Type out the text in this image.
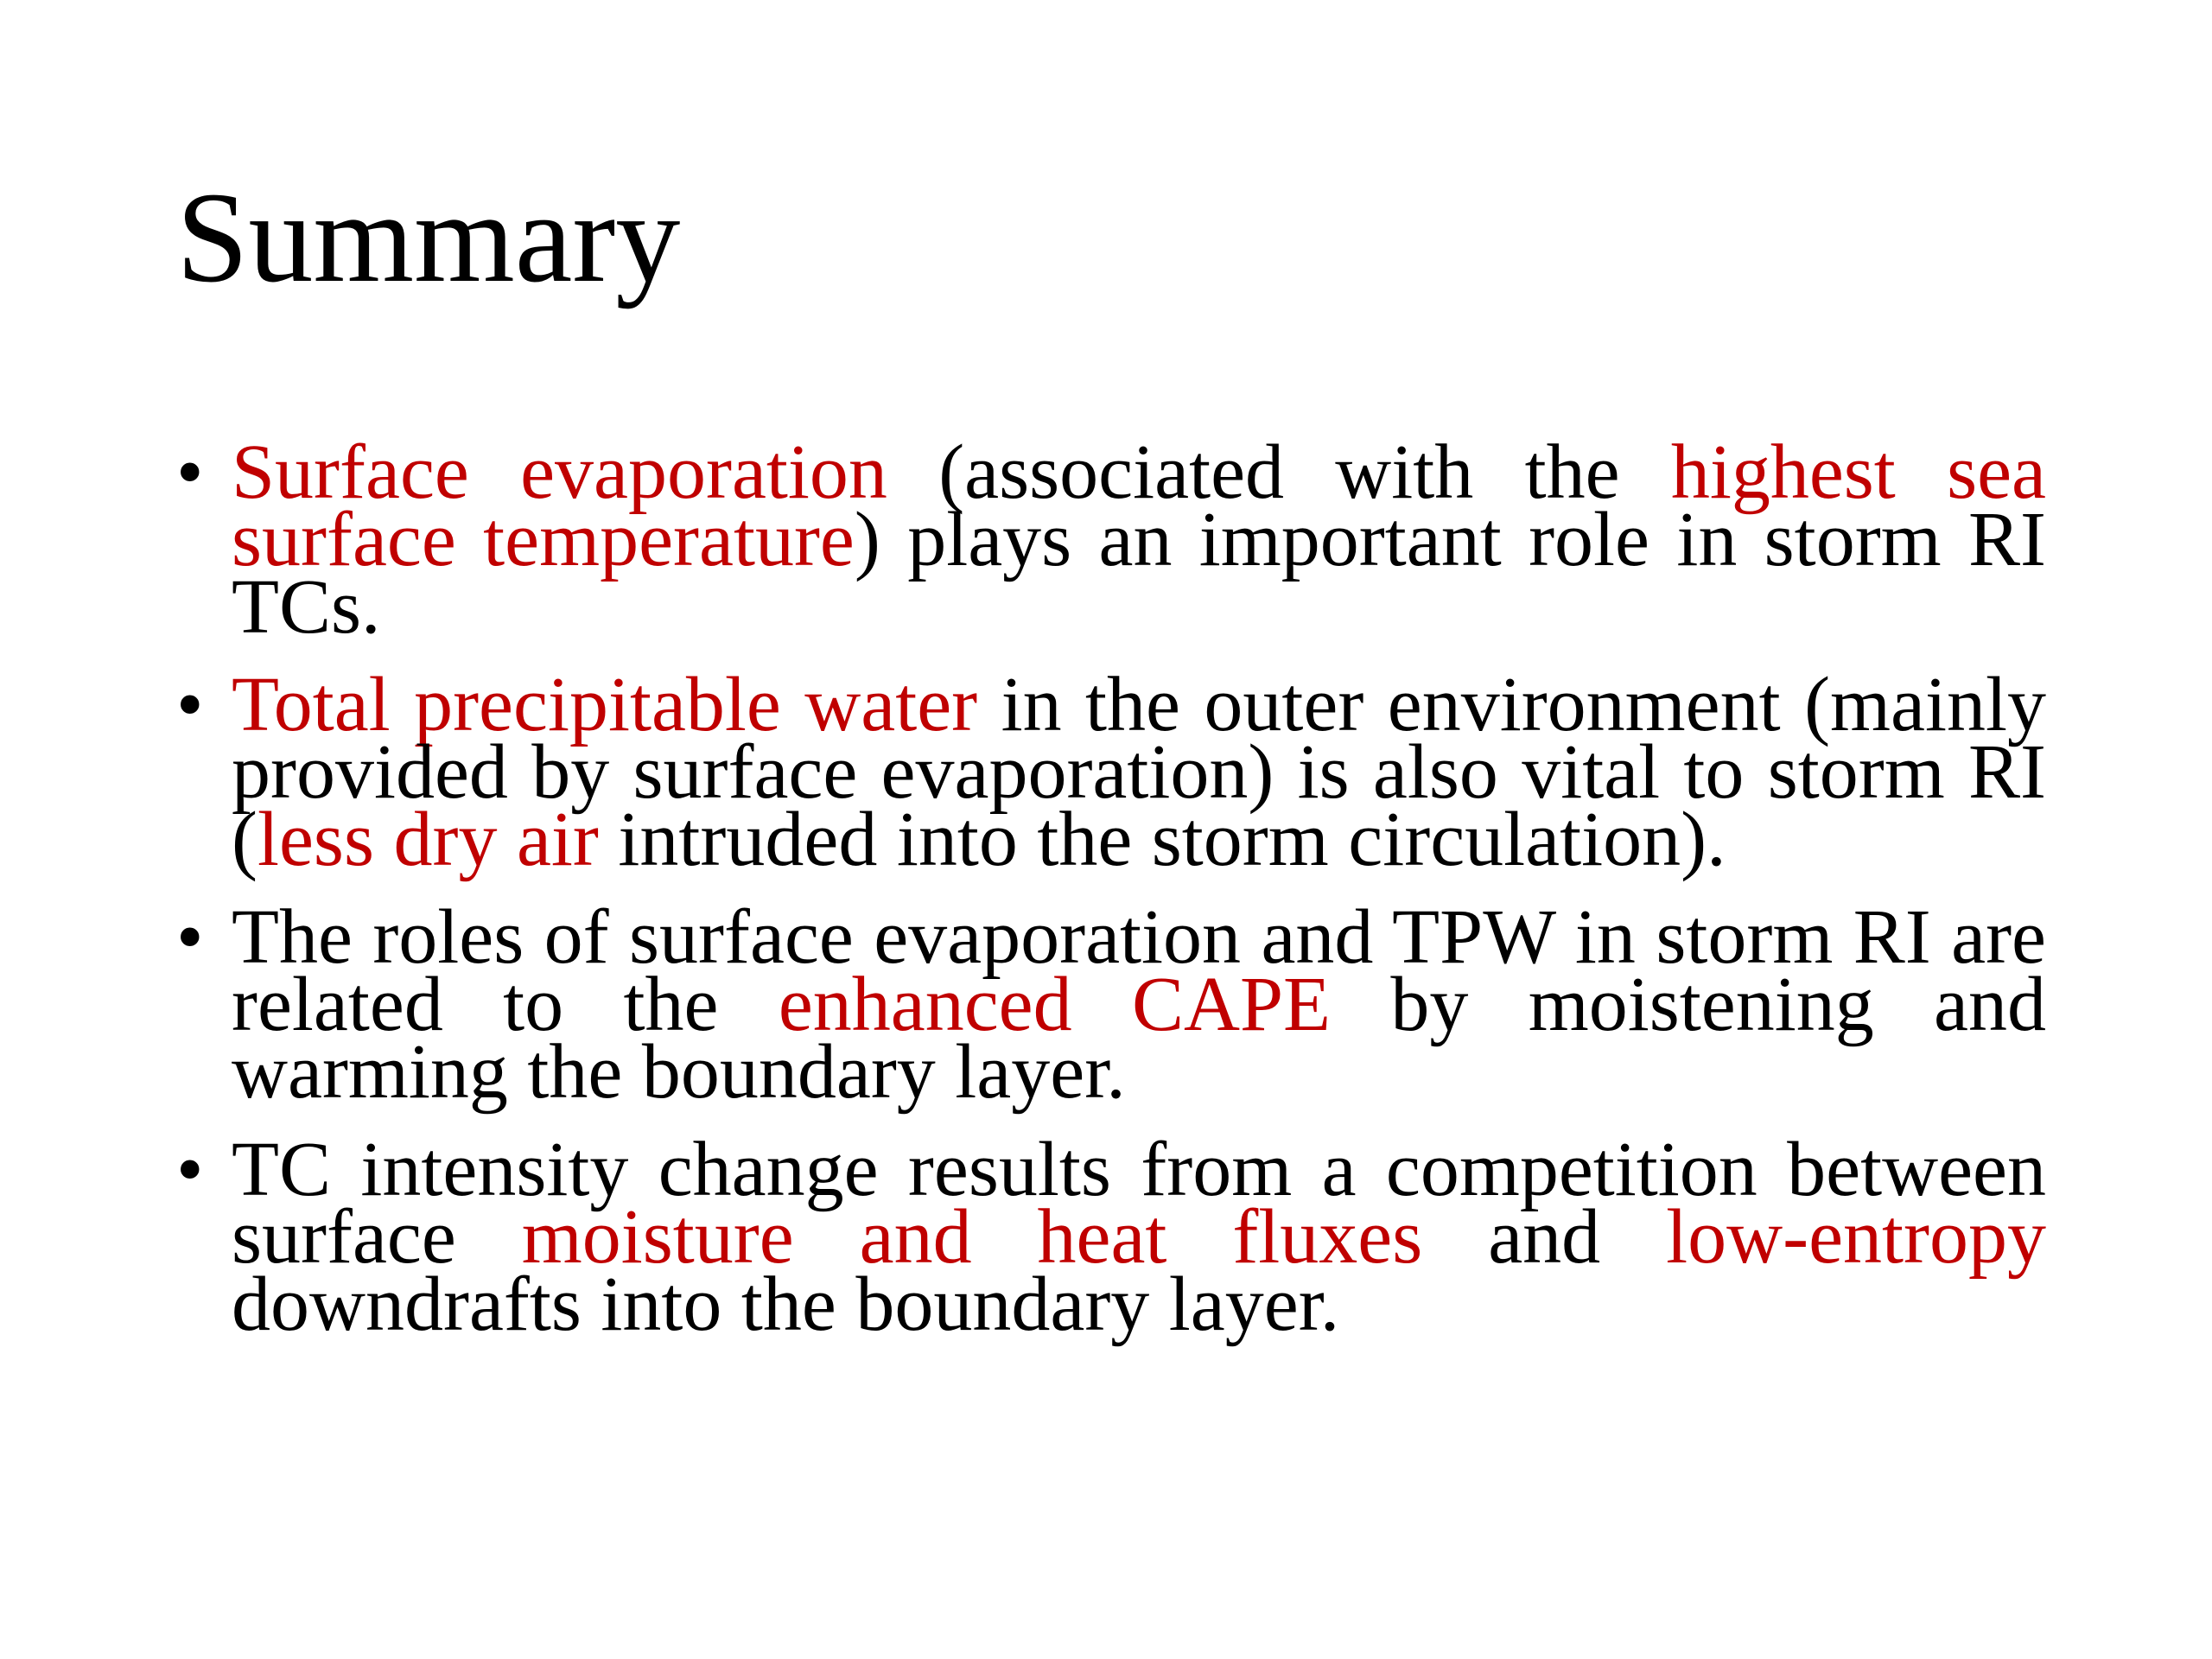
Summary
• Surface evaporation (associated with the highest sea surface temperature) plays an important role in storm RI TCs.
• Total precipitable water in the outer environment (mainly provided by surface evaporation) is also vital to storm RI (less dry air intruded into the storm circulation).
• The roles of surface evaporation and TPW in storm RI are related to the enhanced CAPE by moistening and warming the boundary layer.
• TC intensity change results from a competition between surface moisture and heat fluxes and low-entropy downdrafts into the boundary layer.
